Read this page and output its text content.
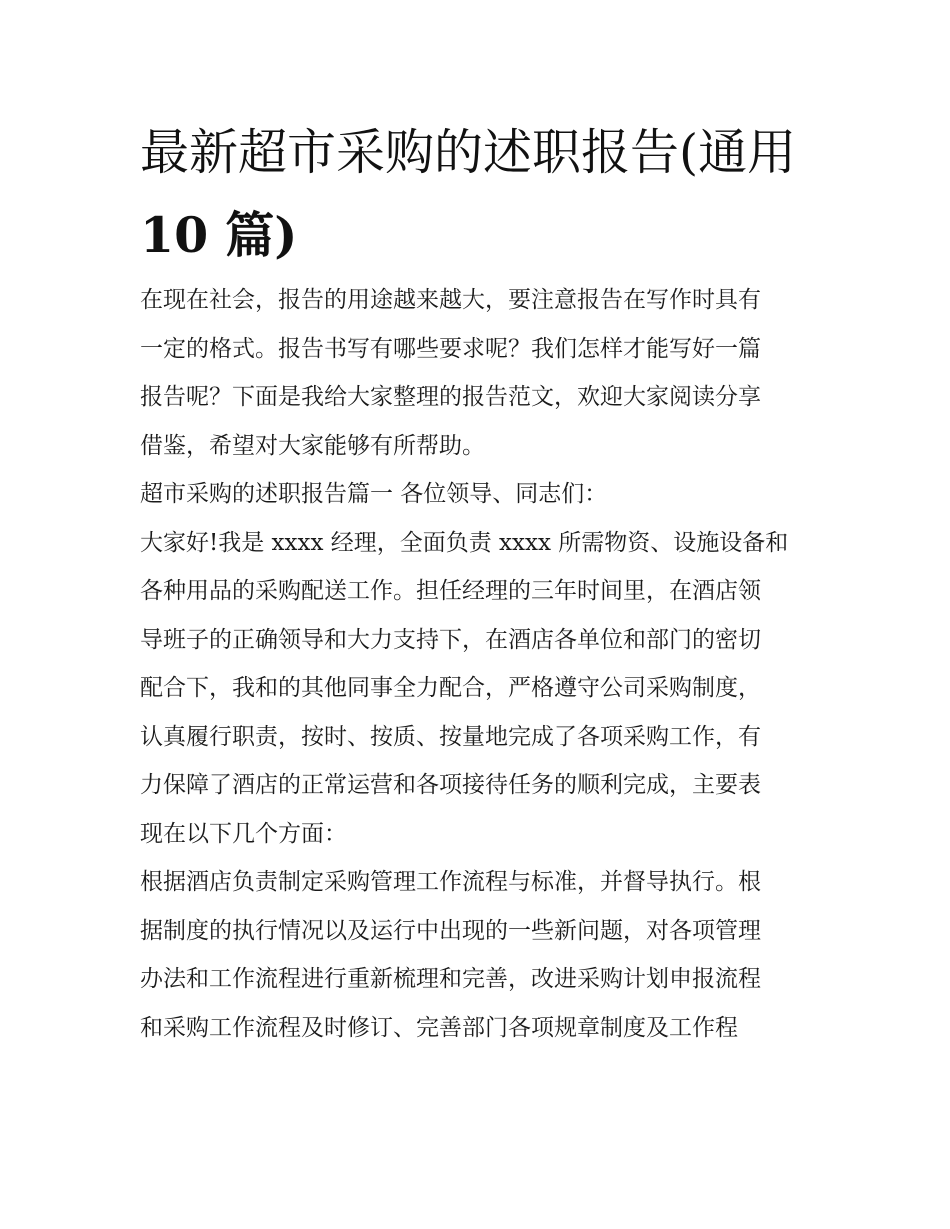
最新超市采购的述职报告(通用
10 篇)

在现在社会，报告的用途越来越大，要注意报告在写作时具有
一定的格式。报告书写有哪些要求呢？我们怎样才能写好一篇
报告呢？下面是我给大家整理的报告范文，欢迎大家阅读分享
借鉴，希望对大家能够有所帮助。

超市采购的述职报告篇一 各位领导、同志们：

大家好!我是 xxxx 经理，全面负责 xxxx 所需物资、设施设备和
各种用品的采购配送工作。担任经理的三年时间里，在酒店领
导班子的正确领导和大力支持下，在酒店各单位和部门的密切
配合下，我和的其他同事全力配合，严格遵守公司采购制度，
认真履行职责，按时、按质、按量地完成了各项采购工作，有
力保障了酒店的正常运营和各项接待任务的顺利完成，主要表
现在以下几个方面：

根据酒店负责制定采购管理工作流程与标准，并督导执行。根
据制度的执行情况以及运行中出现的一些新问题，对各项管理
办法和工作流程进行重新梳理和完善，改进采购计划申报流程
和采购工作流程及时修订、完善部门各项规章制度及工作程
